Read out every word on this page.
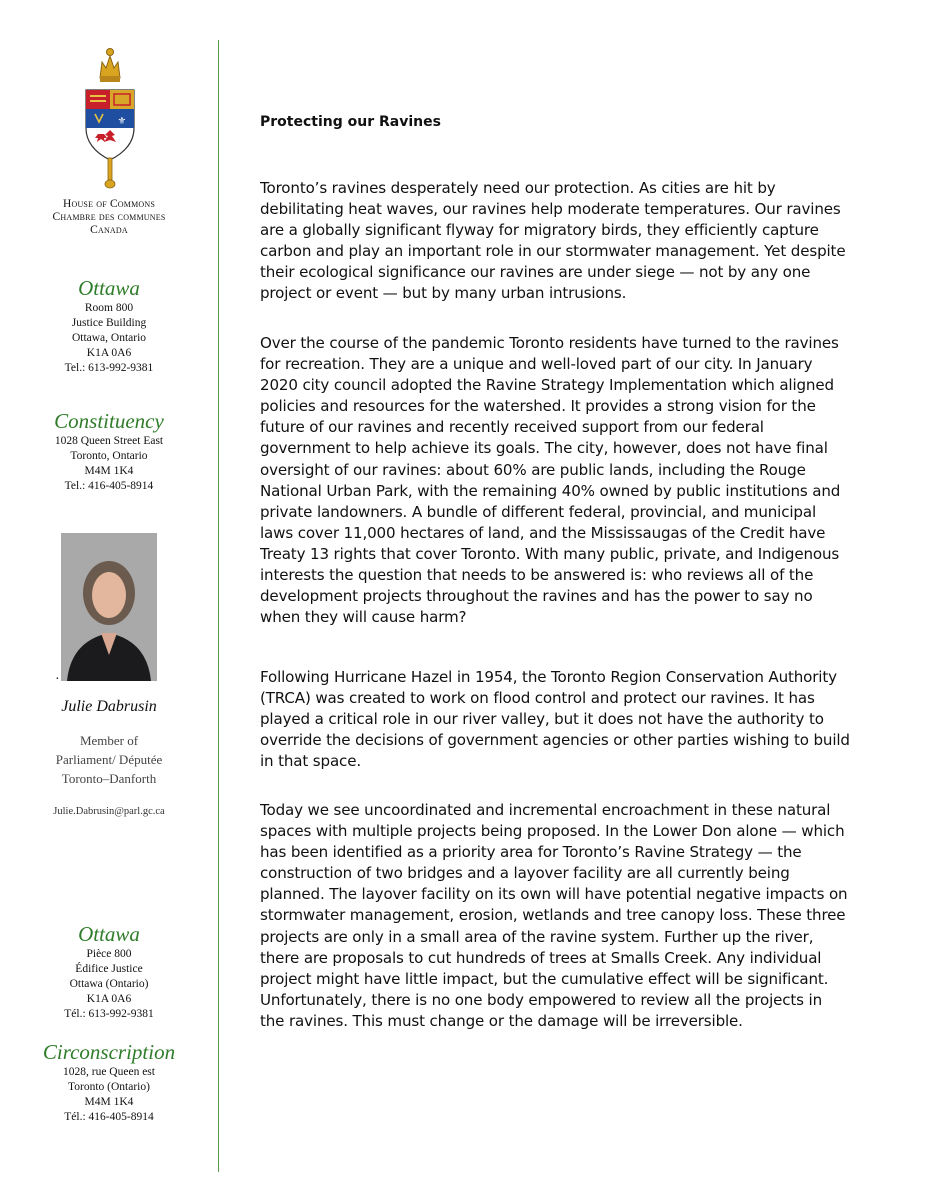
⚜
House of Commons
Chambre des communes
Canada
Ottawa
Room 800
Justice Building
Ottawa, Ontario
K1A 0A6
Tel.: 613-992-9381
Constituency
1028 Queen Street East
Toronto, Ontario
M4M 1K4
Tel.: 416-405-8914
·
Julie Dabrusin
Member of
Parliament/ Députée
Toronto–Danforth
Julie.Dabrusin@parl.gc.ca
Ottawa
Pièce 800
Édifice Justice
Ottawa (Ontario)
K1A 0A6
Tél.: 613-992-9381
Circonscription
1028, rue Queen est
Toronto (Ontario)
M4M 1K4
Tél.: 416-405-8914
Protecting our Ravines
Toronto’s ravines desperately need our protection. As cities are hit by debilitating heat waves, our ravines help moderate temperatures. Our ravines are a globally significant flyway for migratory birds, they efficiently capture carbon and play an important role in our stormwater management. Yet despite their ecological significance our ravines are under siege — not by any one project or event — but by many urban intrusions.
Over the course of the pandemic Toronto residents have turned to the ravines for recreation. They are a unique and well-loved part of our city. In January 2020 city council adopted the Ravine Strategy Implementation which aligned policies and resources for the watershed. It provides a strong vision for the future of our ravines and recently received support from our federal government to help achieve its goals. The city, however, does not have final oversight of our ravines: about 60% are public lands, including the Rouge National Urban Park, with the remaining 40% owned by public institutions and private landowners. A bundle of different federal, provincial, and municipal laws cover 11,000 hectares of land, and the Mississaugas of the Credit have Treaty 13 rights that cover Toronto. With many public, private, and Indigenous interests the question that needs to be answered is: who reviews all of the development projects throughout the ravines and has the power to say no when they will cause harm?
Following Hurricane Hazel in 1954, the Toronto Region Conservation Authority (TRCA) was created to work on flood control and protect our ravines. It has played a critical role in our river valley, but it does not have the authority to override the decisions of government agencies or other parties wishing to build in that space.
Today we see uncoordinated and incremental encroachment in these natural spaces with multiple projects being proposed. In the Lower Don alone — which has been identified as a priority area for Toronto’s Ravine Strategy — the construction of two bridges and a layover facility are all currently being planned. The layover facility on its own will have potential negative impacts on stormwater management, erosion, wetlands and tree canopy loss. These three projects are only in a small area of the ravine system. Further up the river, there are proposals to cut hundreds of trees at Smalls Creek. Any individual project might have little impact, but the cumulative effect will be significant. Unfortunately, there is no one body empowered to review all the projects in the ravines. This must change or the damage will be irreversible.
